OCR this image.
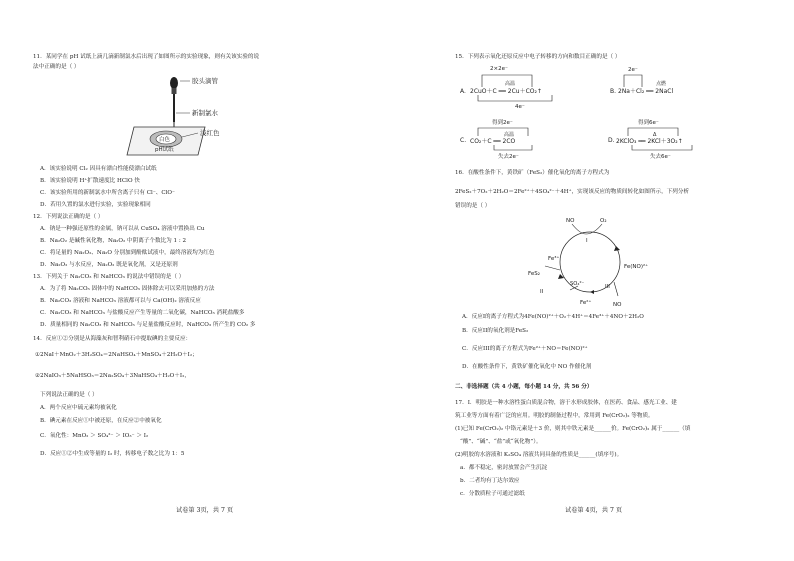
11．某同学在 pH 试纸上滴几滴新制氯水后出现了如图所示的实验现象，则有关该实验的说
法中正确的是（ ）
胶头滴管
新制氯水
浅红色
白色
pH试纸
A．该实验说明 Cl₂ 因具有漂白性能使漂白试纸
B．该实验说明 H⁺扩散速度比 HClO 快
C．该实验所用的新制氯水中所含离子只有 Cl⁻、ClO⁻
D．若用久置的氯水进行实验，实验现象相同
12．下列说法正确的是（ ）
A．钠是一种强还原性的金属，钠可以从 CuSO₄ 溶液中置换出 Cu
B．Na₂O₂ 是碱性氧化物，Na₂O₂ 中阴离子个数比为 1 : 2
C．将足量的 Na₂O₂、Na₂O 分别加到酚酞试液中，最终溶液均为红色
D．Na₂O₂ 与水反应，Na₂O₂ 既是氧化剂，又是还原剂
13．下列关于 Na₂CO₃ 和 NaHCO₃ 的说法中错误的是（ ）
A．为了将 Na₂CO₃ 固体中的 NaHCO₃ 固体除去可以采用加热的方法
B．Na₂CO₃ 溶液和 NaHCO₃ 溶液都可以与 Ca(OH)₂ 溶液反应
C．Na₂CO₃ 和 NaHCO₃ 与盐酸反应产生等量的二氧化碳，NaHCO₃ 消耗盐酸多
D．质量相同的 Na₂CO₃ 和 NaHCO₃ 与足量盐酸反应时，NaHCO₃ 所产生的 CO₂ 多
14．反应①②分别是从海藻灰和智利硝石中提取碘的主要反应：
①2NaI＋MnO₂＋3H₂SO₄＝2NaHSO₄＋MnSO₄＋2H₂O＋I₂；
②2NaIO₃＋5NaHSO₃＝2Na₂SO₄＋3NaHSO₄＋H₂O＋I₂，
下列说法正确的是（ ）
A．两个反应中硫元素均被氧化
B．碘元素在反应①中被还原，在反应②中被氧化
C．氧化性：MnO₂ ＞ SO₄²⁻ ＞ IO₃⁻ ＞ I₂
D．反应①②中生成等量的 I₂ 时，转移电子数之比为 1：5
试卷第 3页，共 7 页
15．下列表示氧化还原反应中电子转移的方向和数目正确的是（ ）
A.
2×2e⁻
高温
2CuO＋C ══ 2Cu＋CO₂↑
4e⁻
B.
2e⁻
点燃
2Na＋Cl₂ ══ 2NaCl
C.
得到2e⁻
高温
CO₂＋C ══ 2CO
失去2e⁻
D.
得到6e⁻
Δ
2KClO₃ ══ 2KCl＋3O₂↑
失去6e⁻
16．在酸性条件下，黄铁矿（FeS₂）催化氧化的离子方程式为
2FeS₂＋7O₂＋2H₂O＝2Fe²⁺＋4SO₄²⁻＋4H⁺，实现该反应的物质间转化如图所示，下列分析
错误的是（ ）
NO	O₂
I
Fe³⁺
Fe(NO)²⁺
FeS₂
SO₄²⁻
II
III
Fe²⁺	NO
A．反应I的离子方程式为4Fe(NO)²⁺＋O₂＋4H⁺＝4Fe³⁺＋4NO＋2H₂O
B．反应II的氧化剂是FeS₂
C．反应III的离子方程式为Fe²⁺＋NO＝Fe(NO)²⁺
D．在酸性条件下，黄铁矿催化氧化中 NO 作催化剂
二、非选择题（共 4 小题，每小题 14 分，共 56 分）
17．Ⅰ．明胶是一种水溶性蛋白质混合物，溶于水形成胶体，在医药、食品、感光工业、建
筑工业等方面有着广泛的应用。明胶的制备过程中，常用到 Fe(CrO₂)₂ 等物质。
(1)已知 Fe(CrO₂)₂ 中铬元素是＋3 价，则其中铁元素是______价。Fe(CrO₂)₂ 属于______（填
“酸”、“碱”、“盐”或“氧化物”）。
(2)明胶的水溶液和 K₂SO₄ 溶液共同具备的性质是______(填序号)。
a．都不稳定，密封放置会产生沉淀
b．二者均有丁达尔效应
c．分散质粒子可通过滤纸
试卷第 4页，共 7 页
